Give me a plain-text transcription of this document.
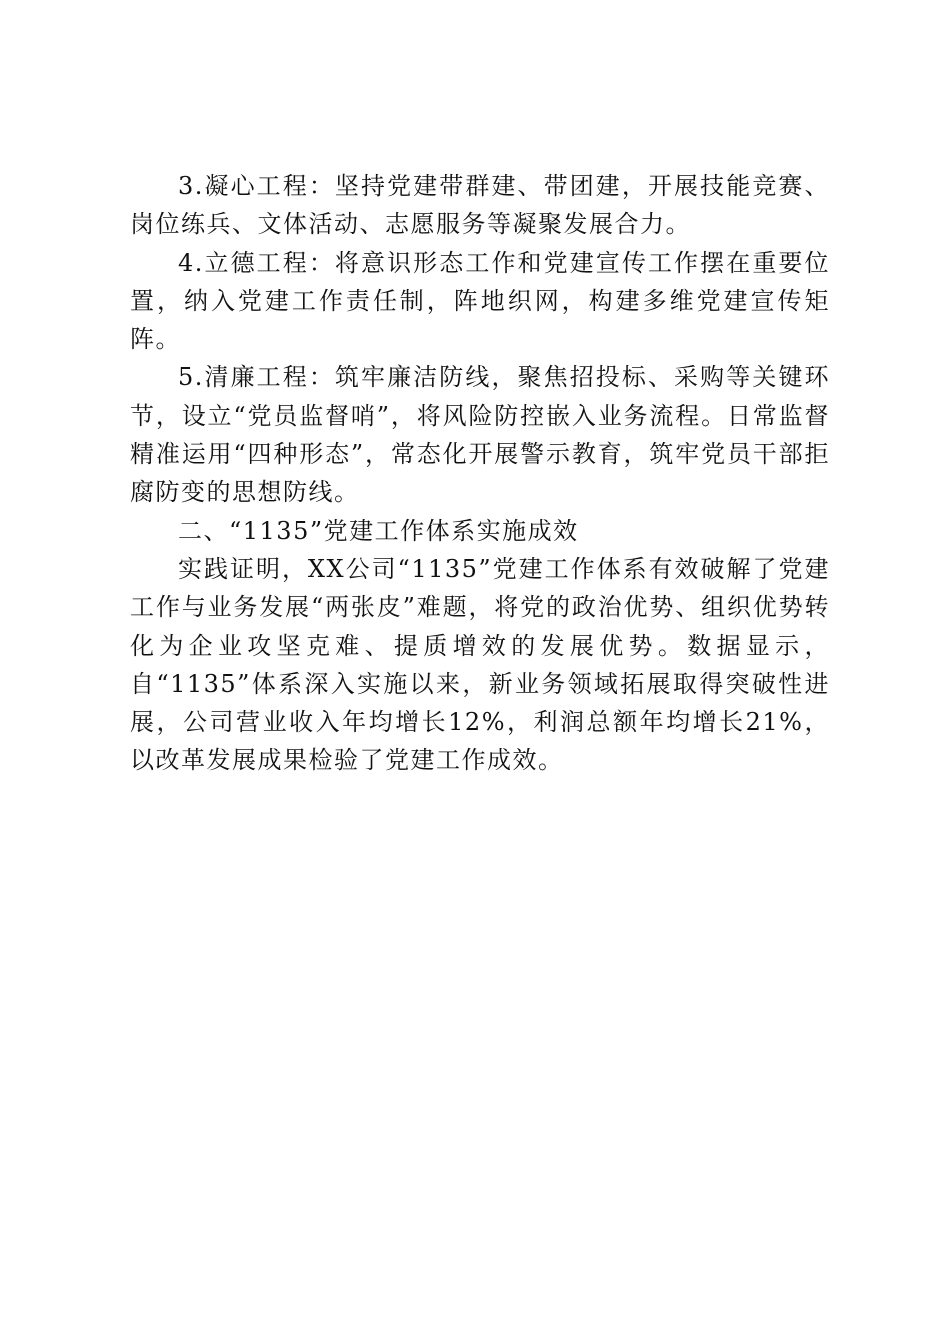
3.凝心工程：坚持党建带群建、带团建，开展技能竞赛、岗位练兵、文体活动、志愿服务等凝聚发展合力。

4.立德工程：将意识形态工作和党建宣传工作摆在重要位置，纳入党建工作责任制，阵地织网，构建多维党建宣传矩阵。

5.清廉工程：筑牢廉洁防线，聚焦招投标、采购等关键环节，设立“党员监督哨”，将风险防控嵌入业务流程。日常监督精准运用“四种形态”，常态化开展警示教育，筑牢党员干部拒腐防变的思想防线。

二、“1135”党建工作体系实施成效

实践证明，XX公司“1135”党建工作体系有效破解了党建工作与业务发展“两张皮”难题，将党的政治优势、组织优势转化为企业攻坚克难、提质增效的发展优势。数据显示，自“1135”体系深入实施以来，新业务领域拓展取得突破性进展，公司营业收入年均增长12%，利润总额年均增长21%，以改革发展成果检验了党建工作成效。
